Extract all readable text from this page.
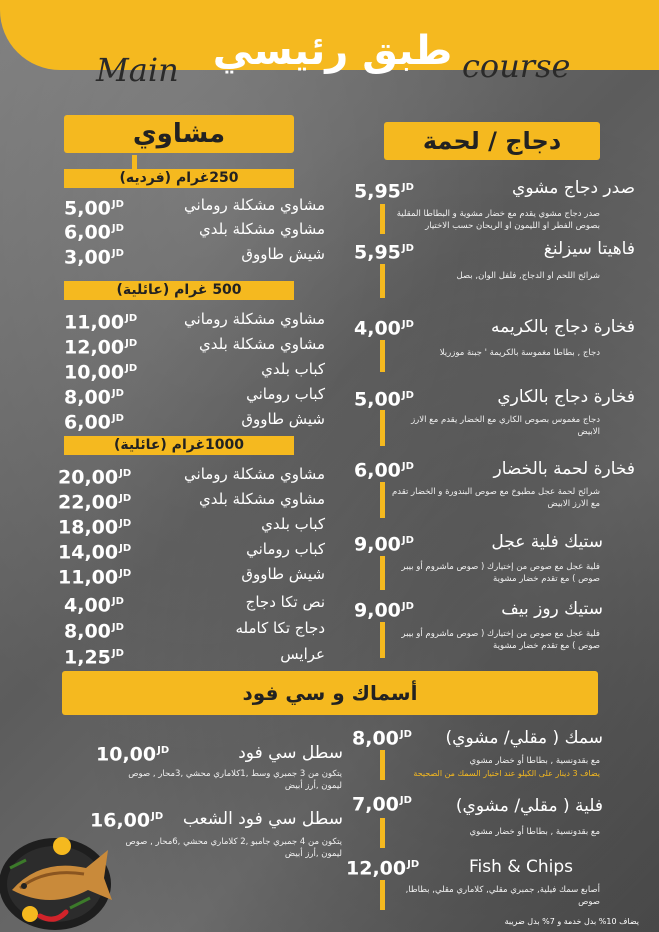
طبق رئيسي
Main	course
مشاوي
250غرام (فرديه)
500 غرام (عائلية)
1000غرام (عائلية)
$5,00^{JD}$	مشاوي مشكلة روماني
$6,00^{JD}$	مشاوي مشكلة بلدي
$3,00^{JD}$	شيش طاووق
$11,00^{JD}$	مشاوي مشكلة روماني
$12,00^{JD}$	مشاوي مشكلة بلدي
$10,00^{JD}$	كباب بلدي
$8,00^{JD}$	كباب روماني
$6,00^{JD}$	شيش طاووق
$20,00^{JD}$	مشاوي مشكلة روماني
$22,00^{JD}$	مشاوي مشكلة بلدي
$18,00^{JD}$	كباب بلدي
$14,00^{JD}$	كباب روماني
$11,00^{JD}$	شيش طاووق
$4,00^{JD}$	نص تكا دجاج
$8,00^{JD}$	دجاج تكا كامله
$1,25^{JD}$	عرايس
دجاج / لحمة
$5,95^{JD}$	صدر دجاج مشوي
صدر دجاج مشوي يقدم مع خضار مشوية و البطاطا المقلية بصوص الفطر او الليمون او الريحان حسب الاختيار
$5,95^{JD}$	فاهيتا سيزلنغ
شرائح اللحم او الدجاج, فلفل الوان, بصل
$4,00^{JD}$	فخارة دجاج بالكريمه
دجاج , بطاطا مغموسة بالكريمة ' جبنة موزريلا
$5,00^{JD}$	فخارة دجاج بالكاري
دجاج مغموس بصوص الكاري مع الخضار يقدم مع الارز الابيض
$6,00^{JD}$	فخارة لحمة بالخضار
شرائح لحمة عجل مطبوخ مع صوص البندورة و الخضار تقدم مع الارز الابيض
$9,00^{JD}$	ستيك فلية عجل
فلية عجل مع صوص من إختيارك ( صوص ماشروم أو بيبر صوص ) مع تقدم خضار مشوية
$9,00^{JD}$	ستيك روز بيف
فلية عجل مع صوص من إختيارك ( صوص ماشروم أو بيبر صوص ) مع تقدم خضار مشوية
أسماك و سي فود
$8,00^{JD}$ سمك ( مقلي/ مشوي)
مع بقدونسية , بطاطا أو خضار مشوي
يضاف 3 دينار على الكيلو عند اختيار السمك من الصحيحة
$7,00^{JD}$	فلية ( مقلي/ مشوي)
مع بقدونسية , بطاطا أو خضار مشوي
$12,00^{JD}$	Fish & Chips
أصابع سمك فيلية, جمبري مقلي, كلاماري مقلي, بطاطا, صوص
$10,00^{JD}$	سطل سي فود
يتكون من 3 جمبري وسط ,1كلاماري محشي ,3محار , صوص ليمون ,أرز أبيض
$16,00^{JD}$ سطل سي فود الشعب
يتكون من 4 جمبري جامبو ,2 كلاماري محشي ,6محار , صوص ليمون ,أرز أبيض
يضاف 10% بدل خدمة و 7% بدل ضريبة
